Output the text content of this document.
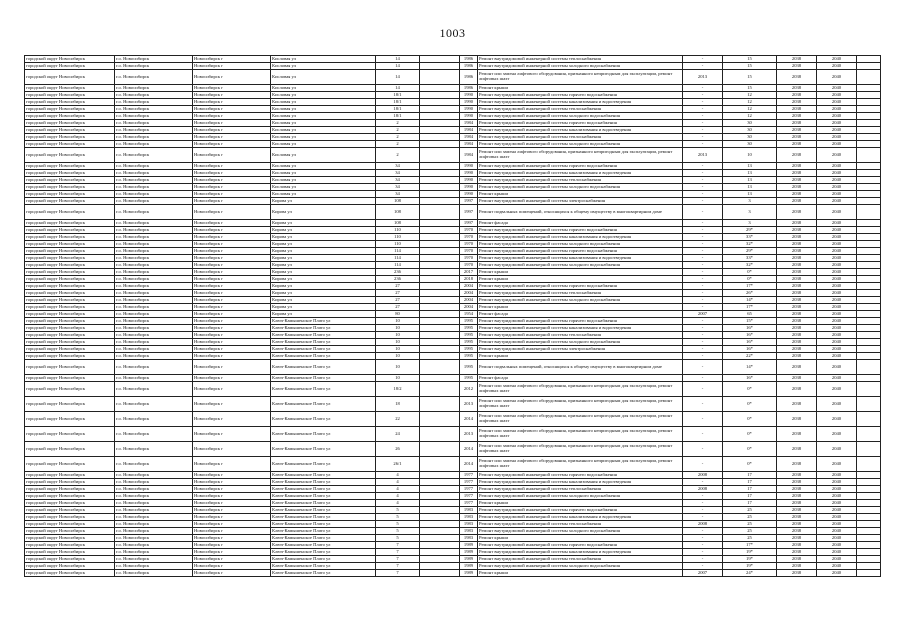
1003
городской округ Новосибирск	г.о. Новосибирск	Новосибирск г	Кисловая ул	14		1986	Ремонт внутридомовой инженерной системы теплоснабжения	-	15	2038	2040	
городской округ Новосибирск	г.о. Новосибирск	Новосибирск г	Кисловая ул	14		1986	Ремонт внутридомовой инженерной системы холодного водоснабжения	-	15	2038	2040	
городской округ Новосибирск	г.о. Новосибирск	Новосибирск г	Кисловая ул	14		1986	Ремонт или замена лифтового оборудования, признанного непригодным для эксплуатации, ремонт лифтовых шахт	2013	15	2038	2040	
городской округ Новосибирск	г.о. Новосибирск	Новосибирск г	Кисловая ул	14		1986	Ремонт крыши	-	15	2038	2040	
городской округ Новосибирск	г.о. Новосибирск	Новосибирск г	Кисловая ул	18/1		1990	Ремонт внутридомовой инженерной системы горячего водоснабжения	-	12	2038	2040	
городской округ Новосибирск	г.о. Новосибирск	Новосибирск г	Кисловая ул	18/1		1990	Ремонт внутридомовой инженерной системы канализования и водоотведения	-	12	2038	2040	
городской округ Новосибирск	г.о. Новосибирск	Новосибирск г	Кисловая ул	18/1		1990	Ремонт внутридомовой инженерной системы теплоснабжения	-	12	2038	2040	
городской округ Новосибирск	г.о. Новосибирск	Новосибирск г	Кисловая ул	18/1		1990	Ремонт внутридомовой инженерной системы холодного водоснабжения	-	12	2038	2040	
городской округ Новосибирск	г.о. Новосибирск	Новосибирск г	Кисловая ул	2		1984	Ремонт внутридомовой инженерной системы горячего водоснабжения	-	30	2038	2040	
городской округ Новосибирск	г.о. Новосибирск	Новосибирск г	Кисловая ул	2		1984	Ремонт внутридомовой инженерной системы канализования и водоотведения	-	30	2038	2040	
городской округ Новосибирск	г.о. Новосибирск	Новосибирск г	Кисловая ул	2		1984	Ремонт внутридомовой инженерной системы теплоснабжения	-	30	2038	2040	
городской округ Новосибирск	г.о. Новосибирск	Новосибирск г	Кисловая ул	2		1984	Ремонт внутридомовой инженерной системы холодного водоснабжения	-	30	2038	2040	
городской округ Новосибирск	г.о. Новосибирск	Новосибирск г	Кисловая ул	2		1984	Ремонт или замена лифтового оборудования, признанного непригодным для эксплуатации, ремонт лифтовых шахт	2013	10	2038	2040	
городской округ Новосибирск	г.о. Новосибирск	Новосибирск г	Кисловая ул	34		1990	Ремонт внутридомовой инженерной системы горячего водоснабжения	-	13	2038	2040	
городской округ Новосибирск	г.о. Новосибирск	Новосибирск г	Кисловая ул	34		1990	Ремонт внутридомовой инженерной системы канализования и водоотведения	-	13	2038	2040	
городской округ Новосибирск	г.о. Новосибирск	Новосибирск г	Кисловая ул	34		1990	Ремонт внутридомовой инженерной системы теплоснабжения	-	13	2038	2040	
городской округ Новосибирск	г.о. Новосибирск	Новосибирск г	Кисловая ул	34		1990	Ремонт внутридомовой инженерной системы холодного водоснабжения	-	13	2038	2040	
городской округ Новосибирск	г.о. Новосибирск	Новосибирск г	Кисловая ул	34		1990	Ремонт крыши	-	13	2038	2040	
городской округ Новосибирск	г.о. Новосибирск	Новосибирск г	Кирова ул	108		1997	Ремонт внутридомовой инженерной системы электроснабжения	-	3	2038	2040	
городской округ Новосибирск	г.о. Новосибирск	Новосибирск г	Кирова ул	108		1997	Ремонт подвальных помещений, относящихся к общему имуществу в многоквартирном доме	-	3	2038	2040	
городской округ Новосибирск	г.о. Новосибирск	Новосибирск г	Кирова ул	108		1997	Ремонт фасада	-	3	2038	2040	
городской округ Новосибирск	г.о. Новосибирск	Новосибирск г	Кирова ул	110		1970	Ремонт внутридомовой инженерной системы горячего водоснабжения	-	29*	2038	2040	
городской округ Новосибирск	г.о. Новосибирск	Новосибирск г	Кирова ул	110		1970	Ремонт внутридомовой инженерной системы канализования и водоотведения	-	33*	2038	2040	
городской округ Новосибирск	г.о. Новосибирск	Новосибирск г	Кирова ул	110		1970	Ремонт внутридомовой инженерной системы холодного водоснабжения	-	32*	2038	2040	
городской округ Новосибирск	г.о. Новосибирск	Новосибирск г	Кирова ул	114		1970	Ремонт внутридомовой инженерной системы горячего водоснабжения	-	29*	2038	2040	
городской округ Новосибирск	г.о. Новосибирск	Новосибирск г	Кирова ул	114		1970	Ремонт внутридомовой инженерной системы канализования и водоотведения	-	33*	2038	2040	
городской округ Новосибирск	г.о. Новосибирск	Новосибирск г	Кирова ул	114		1970	Ремонт внутридомовой инженерной системы холодного водоснабжения	-	32*	2038	2040	
городской округ Новосибирск	г.о. Новосибирск	Новосибирск г	Кирова ул	236		2017	Ремонт крыши	-	0*	2038	2040	
городской округ Новосибирск	г.о. Новосибирск	Новосибирск г	Кирова ул	236		2018	Ремонт крыши	-	0*	2038	2040	
городской округ Новосибирск	г.о. Новосибирск	Новосибирск г	Кирова ул	27		2004	Ремонт внутридомовой инженерной системы горячего водоснабжения	-	17*	2038	2040	
городской округ Новосибирск	г.о. Новосибирск	Новосибирск г	Кирова ул	27		2004	Ремонт внутридомовой инженерной системы теплоснабжения	-	26*	2038	2040	
городской округ Новосибирск	г.о. Новосибирск	Новосибирск г	Кирова ул	27		2004	Ремонт внутридомовой инженерной системы холодного водоснабжения	-	14*	2038	2040	
городской округ Новосибирск	г.о. Новосибирск	Новосибирск г	Кирова ул	27		2004	Ремонт крыши	-	17*	2038	2040	
городской округ Новосибирск	г.о. Новосибирск	Новосибирск г	Кирова ул	80		1954	Ремонт фасада	2007	65	2038	2040	
городской округ Новосибирск	г.о. Новосибирск	Новосибирск г	Ключ-Камышенское Плато ул	10		1995	Ремонт внутридомовой инженерной системы горячего водоснабжения	-	15*	2038	2040	
городской округ Новосибирск	г.о. Новосибирск	Новосибирск г	Ключ-Камышенское Плато ул	10		1995	Ремонт внутридомовой инженерной системы канализования и водоотведения	-	16*	2038	2040	
городской округ Новосибирск	г.о. Новосибирск	Новосибирск г	Ключ-Камышенское Плато ул	10		1995	Ремонт внутридомовой инженерной системы теплоснабжения	-	16*	2038	2040	
городской округ Новосибирск	г.о. Новосибирск	Новосибирск г	Ключ-Камышенское Плато ул	10		1995	Ремонт внутридомовой инженерной системы холодного водоснабжения	-	16*	2038	2040	
городской округ Новосибирск	г.о. Новосибирск	Новосибирск г	Ключ-Камышенское Плато ул	10		1995	Ремонт внутридомовой инженерной системы электроснабжения	-	16*	2038	2040	
городской округ Новосибирск	г.о. Новосибирск	Новосибирск г	Ключ-Камышенское Плато ул	10		1995	Ремонт крыши	-	22*	2038	2040	
городской округ Новосибирск	г.о. Новосибирск	Новосибирск г	Ключ-Камышенское Плато ул	10		1995	Ремонт подвальных помещений, относящихся к общему имуществу в многоквартирном доме	-	14*	2038	2040	
городской округ Новосибирск	г.о. Новосибирск	Новосибирск г	Ключ-Камышенское Плато ул	10		1995	Ремонт фасада	-	16*	2038	2040	
городской округ Новосибирск	г.о. Новосибирск	Новосибирск г	Ключ-Камышенское Плато ул	18/2		2012	Ремонт или замена лифтового оборудования, признанного непригодным для эксплуатации, ремонт лифтовых шахт	-	0*	2038	2040	
городской округ Новосибирск	г.о. Новосибирск	Новосибирск г	Ключ-Камышенское Плато ул	18		2013	Ремонт или замена лифтового оборудования, признанного непригодным для эксплуатации, ремонт лифтовых шахт	-	0*	2038	2040	
городской округ Новосибирск	г.о. Новосибирск	Новосибирск г	Ключ-Камышенское Плато ул	22		2014	Ремонт или замена лифтового оборудования, признанного непригодным для эксплуатации, ремонт лифтовых шахт	-	0*	2038	2040	
городской округ Новосибирск	г.о. Новосибирск	Новосибирск г	Ключ-Камышенское Плато ул	24		2013	Ремонт или замена лифтового оборудования, признанного непригодным для эксплуатации, ремонт лифтовых шахт	-	0*	2038	2040	
городской округ Новосибирск	г.о. Новосибирск	Новосибирск г	Ключ-Камышенское Плато ул	26		2014	Ремонт или замена лифтового оборудования, признанного непригодным для эксплуатации, ремонт лифтовых шахт	-	0*	2038	2040	
городской округ Новосибирск	г.о. Новосибирск	Новосибирск г	Ключ-Камышенское Плато ул	26/1		2014	Ремонт или замена лифтового оборудования, признанного непригодным для эксплуатации, ремонт лифтовых шахт	-	0*	2038	2040	
городской округ Новосибирск	г.о. Новосибирск	Новосибирск г	Ключ-Камышенское Плато ул	4		1977	Ремонт внутридомовой инженерной системы горячего водоснабжения	2008	17	2038	2040	
городской округ Новосибирск	г.о. Новосибирск	Новосибирск г	Ключ-Камышенское Плато ул	4		1977	Ремонт внутридомовой инженерной системы канализования и водоотведения	-	17	2038	2040	
городской округ Новосибирск	г.о. Новосибирск	Новосибирск г	Ключ-Камышенское Плато ул	4		1977	Ремонт внутридомовой инженерной системы теплоснабжения	2008	17	2038	2040	
городской округ Новосибирск	г.о. Новосибирск	Новосибирск г	Ключ-Камышенское Плато ул	4		1977	Ремонт внутридомовой инженерной системы холодного водоснабжения	-	17	2038	2040	
городской округ Новосибирск	г.о. Новосибирск	Новосибирск г	Ключ-Камышенское Плато ул	4		1977	Ремонт крыши	-	17	2038	2040	
городской округ Новосибирск	г.о. Новосибирск	Новосибирск г	Ключ-Камышенское Плато ул	5		1983	Ремонт внутридомовой инженерной системы горячего водоснабжения	-	25	2038	2040	
городской округ Новосибирск	г.о. Новосибирск	Новосибирск г	Ключ-Камышенское Плато ул	5		1983	Ремонт внутридомовой инженерной системы канализования и водоотведения	-	25	2038	2040	
городской округ Новосибирск	г.о. Новосибирск	Новосибирск г	Ключ-Камышенское Плато ул	5		1983	Ремонт внутридомовой инженерной системы теплоснабжения	2008	25	2038	2040	
городской округ Новосибирск	г.о. Новосибирск	Новосибирск г	Ключ-Камышенское Плато ул	5		1983	Ремонт внутридомовой инженерной системы холодного водоснабжения	-	25	2038	2040	
городской округ Новосибирск	г.о. Новосибирск	Новосибирск г	Ключ-Камышенское Плато ул	5		1983	Ремонт крыши	-	25	2038	2040	
городской округ Новосибирск	г.о. Новосибирск	Новосибирск г	Ключ-Камышенское Плато ул	7		1989	Ремонт внутридомовой инженерной системы горячего водоснабжения	-	17*	2038	2040	
городской округ Новосибирск	г.о. Новосибирск	Новосибирск г	Ключ-Камышенское Плато ул	7		1989	Ремонт внутридомовой инженерной системы канализования и водоотведения	-	19*	2038	2040	
городской округ Новосибирск	г.о. Новосибирск	Новосибирск г	Ключ-Камышенское Плато ул	7		1989	Ремонт внутридомовой инженерной системы теплоснабжения	-	19*	2038	2040	
городской округ Новосибирск	г.о. Новосибирск	Новосибирск г	Ключ-Камышенское Плато ул	7		1989	Ремонт внутридомовой инженерной системы холодного водоснабжения	-	19*	2038	2040	
городской округ Новосибирск	г.о. Новосибирск	Новосибирск г	Ключ-Камышенское Плато ул	7		1989	Ремонт крыши	2007	24*	2038	2040	
